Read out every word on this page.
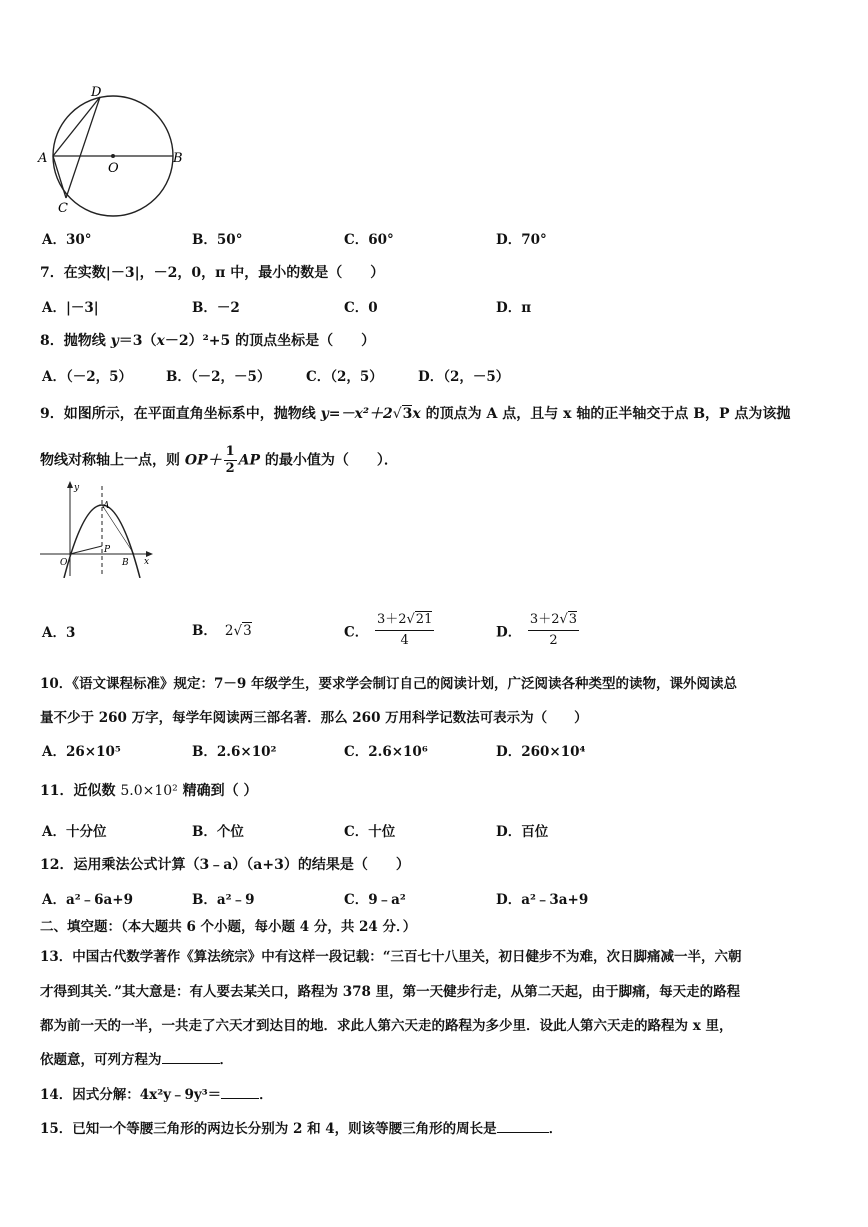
D
A	B
O
C
A．30°	B．50°	C．60°	D．70°
7．在实数|－3|，－2，0，π 中，最小的数是（　　）
A．|－3|	B．－2	C．0	D．π
8．抛物线 y＝3（x－2）²+5 的顶点坐标是（　　）
A．（－2，5）	B．（－2，－5）	C．（2，5）	D．（2，－5）
9．如图所示，在平面直角坐标系中，抛物线 y=－x²＋2√3x 的顶点为 A 点，且与 x 轴的正半轴交于点 B，P 点为该抛
物线对称轴上一点，则 $OP+ \frac{1}{2}$ AP 的最小值为（　　）．
y
x
O
A
P
B
A．3	B． 2√3	C． $\frac{3+2√21}{4}$	D． $\frac{3+2√3}{2}$
10．《语文课程标准》规定：7－9 年级学生，要求学会制订自己的阅读计划，广泛阅读各种类型的读物，课外阅读总
量不少于 260 万字，每学年阅读两三部名著．那么 260 万用科学记数法可表示为（　　）
A．26×10⁵	B．2.6×10²	C．2.6×10⁶	D．260×10⁴
11．近似数 5.0×10² 精确到（ ）
A．十分位	B．个位	C．十位	D．百位
12．运用乘法公式计算（3﹣a）（a+3）的结果是（　　）
A．a²﹣6a+9	B．a²﹣9	C．9﹣a²	D．a²﹣3a+9
二、填空题：（本大题共 6 个小题，每小题 4 分，共 24 分．）
13．中国古代数学著作《算法统宗》中有这样一段记载：“三百七十八里关，初日健步不为难，次日脚痛减一半，六朝
才得到其关．”其大意是：有人要去某关口，路程为 378 里，第一天健步行走，从第二天起，由于脚痛，每天走的路程
都为前一天的一半，一共走了六天才到达目的地．求此人第六天走的路程为多少里．设此人第六天走的路程为 x 里，
依题意，可列方程为	．
14．因式分解：4x²y﹣9y³＝	．
15．已知一个等腰三角形的两边长分别为 2 和 4，则该等腰三角形的周长是	．
